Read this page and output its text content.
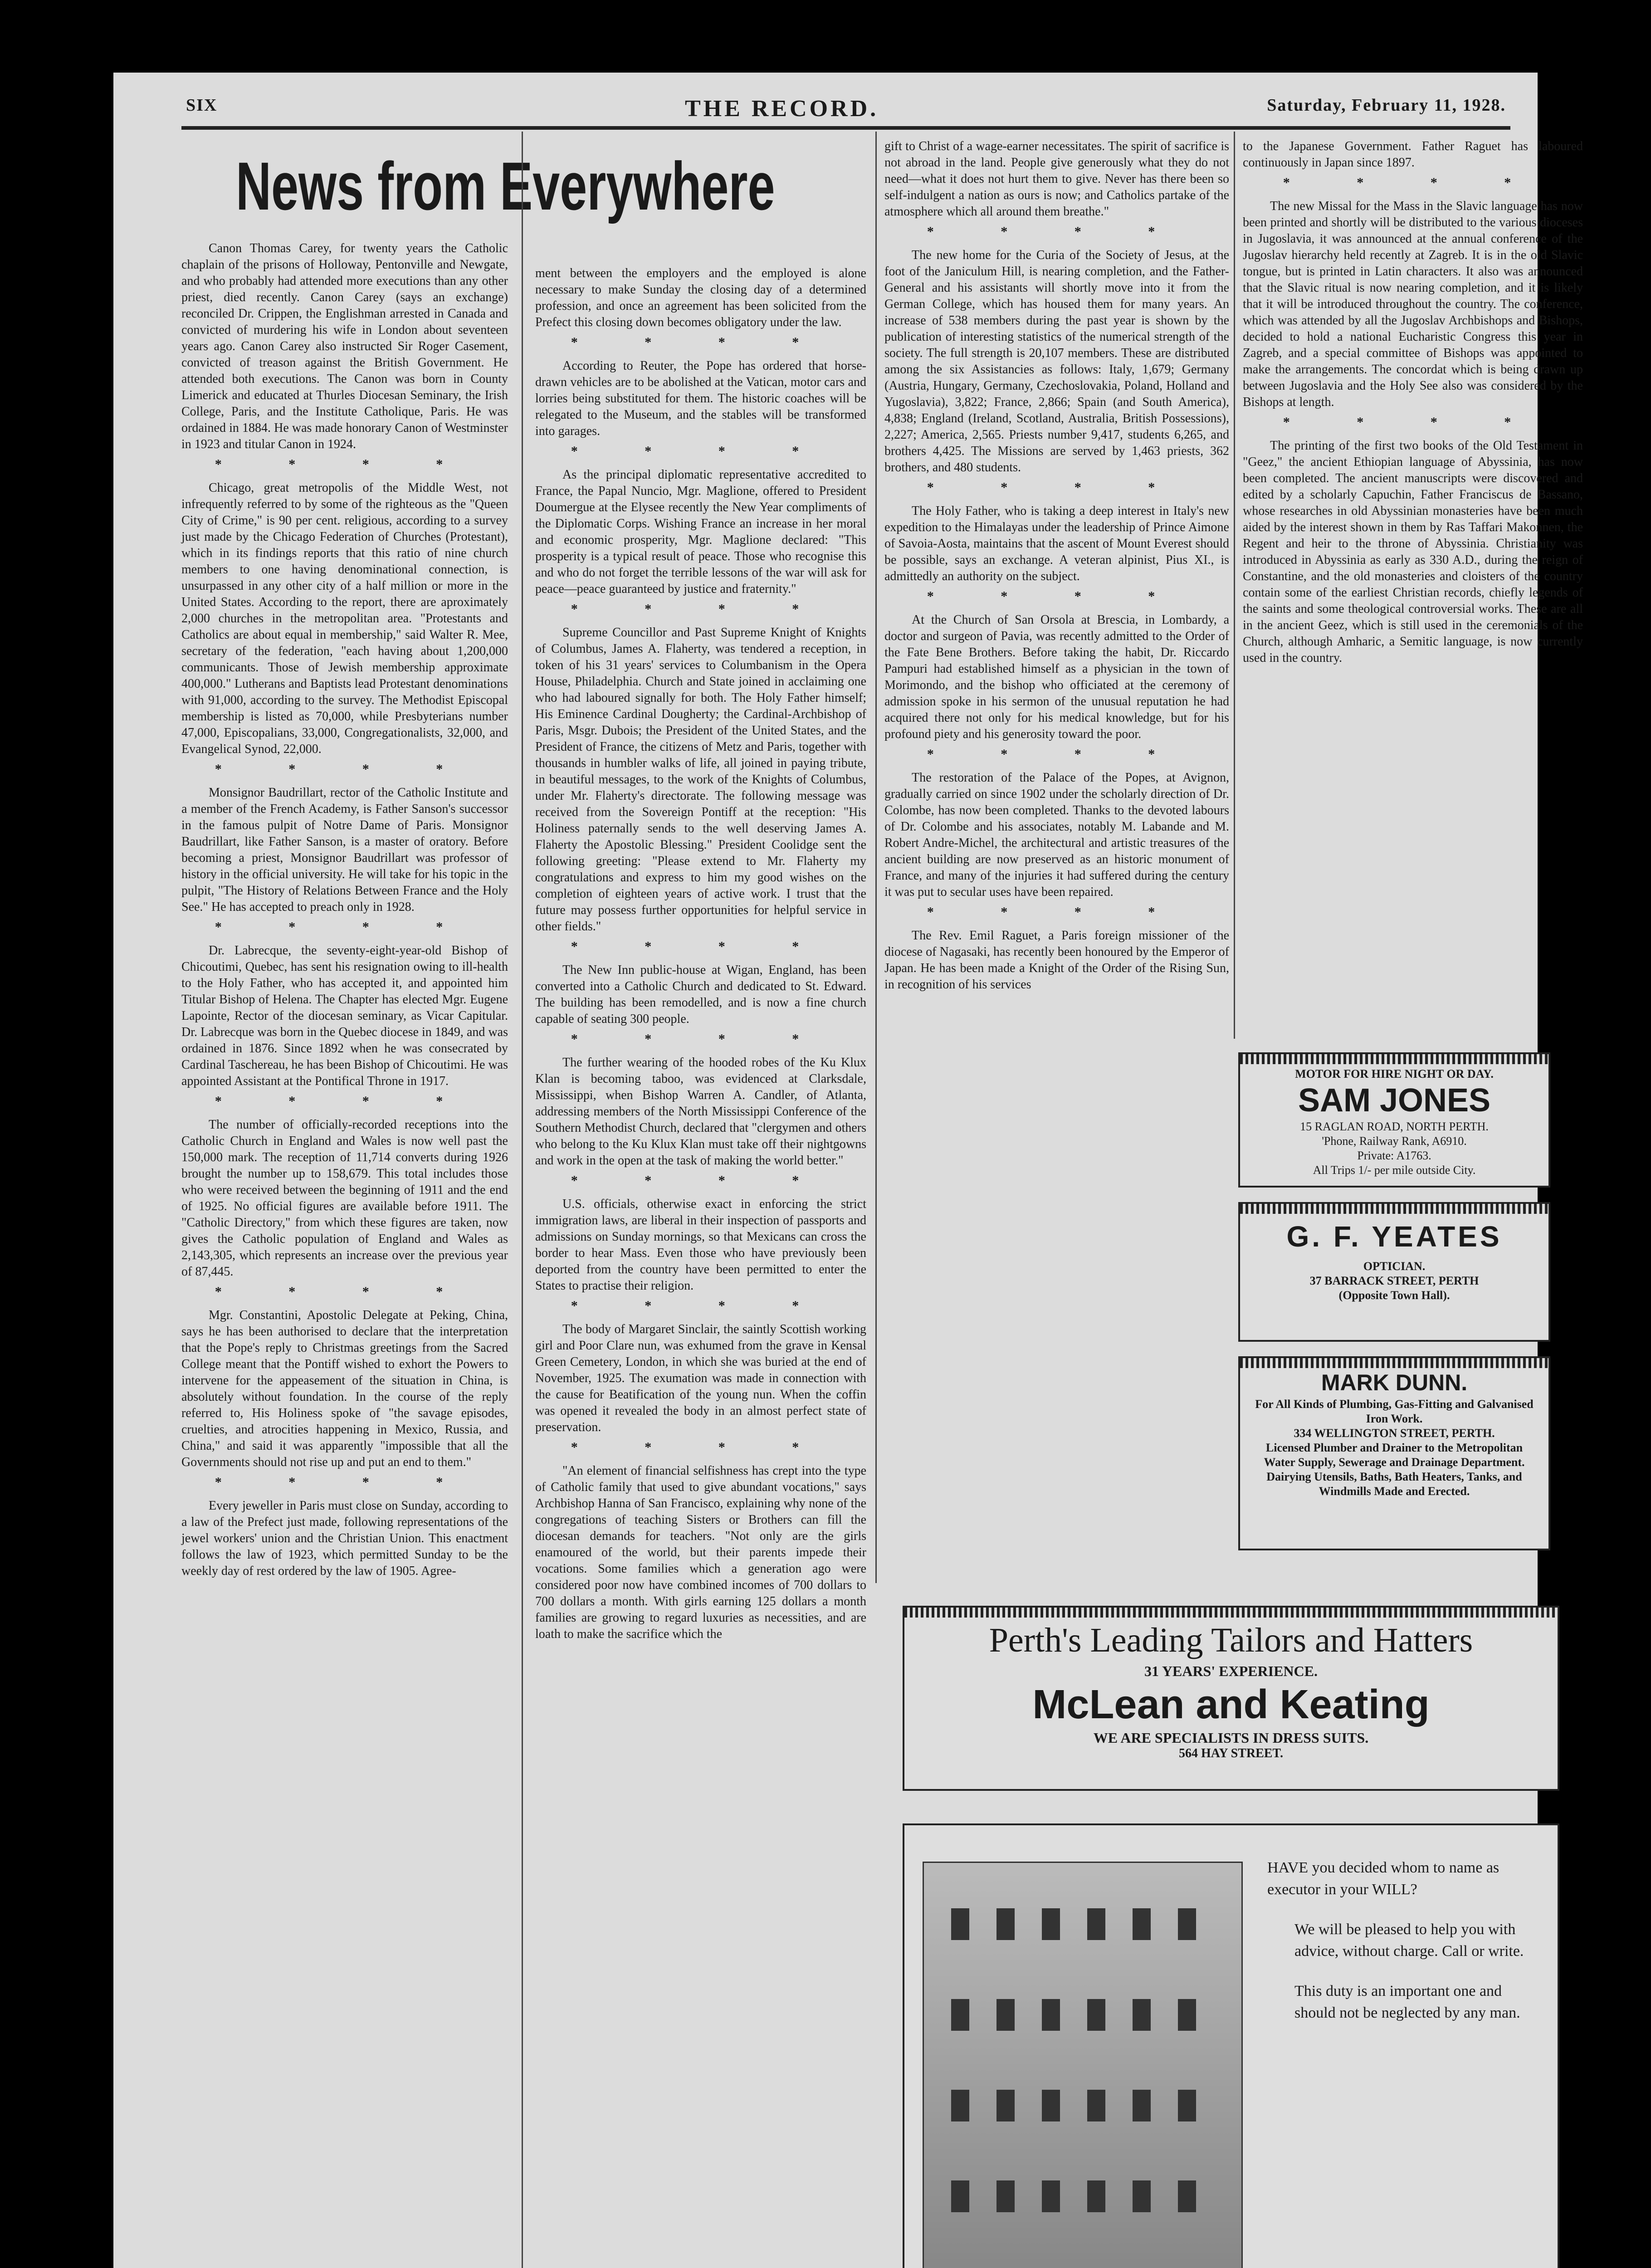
SIX	THE RECORD.	Saturday, February 11, 1928.
News from Everywhere

Canon Thomas Carey, for twenty years the Catholic chaplain of the prisons of Holloway, Pentonville and Newgate, and who probably had attended more executions than any other priest, died recently. Canon Carey (says an exchange) reconciled Dr. Crippen, the Englishman arrested in Canada and convicted of murdering his wife in London about seventeen years ago. Canon Carey also instructed Sir Roger Casement, convicted of treason against the British Government. He attended both executions. The Canon was born in County Limerick and educated at Thurles Diocesan Seminary, the Irish College, Paris, and the Institute Catholique, Paris. He was ordained in 1884. He was made honorary Canon of Westminster in 1923 and titular Canon in 1924.

* * * *

Chicago, great metropolis of the Middle West, not infrequently referred to by some of the righteous as the "Queen City of Crime," is 90 per cent. religious, according to a survey just made by the Chicago Federation of Churches (Protestant), which in its findings reports that this ratio of nine church members to one having denominational connection, is unsurpassed in any other city of a half million or more in the United States. According to the report, there are aproximately 2,000 churches in the metropolitan area. "Protestants and Catholics are about equal in membership," said Walter R. Mee, secretary of the federation, "each having about 1,200,000 communicants. Those of Jewish membership approximate 400,000." Lutherans and Baptists lead Protestant denominations with 91,000, according to the survey. The Methodist Episcopal membership is listed as 70,000, while Presbyterians number 47,000, Episcopalians, 33,000, Congregationalists, 32,000, and Evangelical Synod, 22,000.

* * * *

Monsignor Baudrillart, rector of the Catholic Institute and a member of the French Academy, is Father Sanson's successor in the famous pulpit of Notre Dame of Paris. Monsignor Baudrillart, like Father Sanson, is a master of oratory. Before becoming a priest, Monsignor Baudrillart was professor of history in the official university. He will take for his topic in the pulpit, "The History of Relations Between France and the Holy See." He has accepted to preach only in 1928.

* * * *

Dr. Labrecque, the seventy-eight-year-old Bishop of Chicoutimi, Quebec, has sent his resignation owing to ill-health to the Holy Father, who has accepted it, and appointed him Titular Bishop of Helena. The Chapter has elected Mgr. Eugene Lapointe, Rector of the diocesan seminary, as Vicar Capitular. Dr. Labrecque was born in the Quebec diocese in 1849, and was ordained in 1876. Since 1892 when he was consecrated by Cardinal Taschereau, he has been Bishop of Chicoutimi. He was appointed Assistant at the Pontifical Throne in 1917.

* * * *

The number of officially-recorded receptions into the Catholic Church in England and Wales is now well past the 150,000 mark. The reception of 11,714 converts during 1926 brought the number up to 158,679. This total includes those who were received between the beginning of 1911 and the end of 1925. No official figures are available before 1911. The "Catholic Directory," from which these figures are taken, now gives the Catholic population of England and Wales as 2,143,305, which represents an increase over the previous year of 87,445.

* * * *

Mgr. Constantini, Apostolic Delegate at Peking, China, says he has been authorised to declare that the interpretation that the Pope's reply to Christmas greetings from the Sacred College meant that the Pontiff wished to exhort the Powers to intervene for the appeasement of the situation in China, is absolutely without foundation. In the course of the reply referred to, His Holiness spoke of "the savage episodes, cruelties, and atrocities happening in Mexico, Russia, and China," and said it was apparently "impossible that all the Governments should not rise up and put an end to them."

* * * *

Every jeweller in Paris must close on Sunday, according to a law of the Prefect just made, following representations of the jewel workers' union and the Christian Union. This enactment follows the law of 1923, which permitted Sunday to be the weekly day of rest ordered by the law of 1905. Agree-

ment between the employers and the employed is alone necessary to make Sunday the closing day of a determined profession, and once an agreement has been solicited from the Prefect this closing down becomes obligatory under the law.

* * * *

According to Reuter, the Pope has ordered that horse-drawn vehicles are to be abolished at the Vatican, motor cars and lorries being substituted for them. The historic coaches will be relegated to the Museum, and the stables will be transformed into garages.

* * * *

As the principal diplomatic representative accredited to France, the Papal Nuncio, Mgr. Maglione, offered to President Doumergue at the Elysee recently the New Year compliments of the Diplomatic Corps. Wishing France an increase in her moral and economic prosperity, Mgr. Maglione declared: "This prosperity is a typical result of peace. Those who recognise this and who do not forget the terrible lessons of the war will ask for peace—peace guaranteed by justice and fraternity."

* * * *

Supreme Councillor and Past Supreme Knight of Knights of Columbus, James A. Flaherty, was tendered a reception, in token of his 31 years' services to Columbanism in the Opera House, Philadelphia. Church and State joined in acclaiming one who had laboured signally for both. The Holy Father himself; His Eminence Cardinal Dougherty; the Cardinal-Archbishop of Paris, Msgr. Dubois; the President of the United States, and the President of France, the citizens of Metz and Paris, together with thousands in humbler walks of life, all joined in paying tribute, in beautiful messages, to the work of the Knights of Columbus, under Mr. Flaherty's directorate. The following message was received from the Sovereign Pontiff at the reception: "His Holiness paternally sends to the well deserving James A. Flaherty the Apostolic Blessing." President Coolidge sent the following greeting: "Please extend to Mr. Flaherty my congratulations and express to him my good wishes on the completion of eighteen years of active work. I trust that the future may possess further opportunities for helpful service in other fields."

* * * *

The New Inn public-house at Wigan, England, has been converted into a Catholic Church and dedicated to St. Edward. The building has been remodelled, and is now a fine church capable of seating 300 people.

* * * *

The further wearing of the hooded robes of the Ku Klux Klan is becoming taboo, was evidenced at Clarksdale, Mississippi, when Bishop Warren A. Candler, of Atlanta, addressing members of the North Mississippi Conference of the Southern Methodist Church, declared that "clergymen and others who belong to the Ku Klux Klan must take off their nightgowns and work in the open at the task of making the world better."

* * * *

U.S. officials, otherwise exact in enforcing the strict immigration laws, are liberal in their inspection of passports and admissions on Sunday mornings, so that Mexicans can cross the border to hear Mass. Even those who have previously been deported from the country have been permitted to enter the States to practise their religion.

* * * *

The body of Margaret Sinclair, the saintly Scottish working girl and Poor Clare nun, was exhumed from the grave in Kensal Green Cemetery, London, in which she was buried at the end of November, 1925. The exumation was made in connection with the cause for Beatification of the young nun. When the coffin was opened it revealed the body in an almost perfect state of preservation.

* * * *

"An element of financial selfishness has crept into the type of Catholic family that used to give abundant vocations," says Archbishop Hanna of San Francisco, explaining why none of the congregations of teaching Sisters or Brothers can fill the diocesan demands for teachers. "Not only are the girls enamoured of the world, but their parents impede their vocations. Some families which a generation ago were considered poor now have combined incomes of 700 dollars to 700 dollars a month. With girls earning 125 dollars a month families are growing to regard luxuries as necessities, and are loath to make the sacrifice which the

gift to Christ of a wage-earner necessitates. The spirit of sacrifice is not abroad in the land. People give generously what they do not need—what it does not hurt them to give. Never has there been so self-indulgent a nation as ours is now; and Catholics partake of the atmosphere which all around them breathe."

* * * *

The new home for the Curia of the Society of Jesus, at the foot of the Janiculum Hill, is nearing completion, and the Father-General and his assistants will shortly move into it from the German College, which has housed them for many years. An increase of 538 members during the past year is shown by the publication of interesting statistics of the numerical strength of the society. The full strength is 20,107 members. These are distributed among the six Assistancies as follows: Italy, 1,679; Germany (Austria, Hungary, Germany, Czechoslovakia, Poland, Holland and Yugoslavia), 3,822; France, 2,866; Spain (and South America), 4,838; England (Ireland, Scotland, Australia, British Possessions), 2,227; America, 2,565. Priests number 9,417, students 6,265, and brothers 4,425. The Missions are served by 1,463 priests, 362 brothers, and 480 students.

* * * *

The Holy Father, who is taking a deep interest in Italy's new expedition to the Himalayas under the leadership of Prince Aimone of Savoia-Aosta, maintains that the ascent of Mount Everest should be possible, says an exchange. A veteran alpinist, Pius XI., is admittedly an authority on the subject.

* * * *

At the Church of San Orsola at Brescia, in Lombardy, a doctor and surgeon of Pavia, was recently admitted to the Order of the Fate Bene Brothers. Before taking the habit, Dr. Riccardo Pampuri had established himself as a physician in the town of Morimondo, and the bishop who officiated at the ceremony of admission spoke in his sermon of the unusual reputation he had acquired there not only for his medical knowledge, but for his profound piety and his generosity toward the poor.

* * * *

The restoration of the Palace of the Popes, at Avignon, gradually carried on since 1902 under the scholarly direction of Dr. Colombe, has now been completed. Thanks to the devoted labours of Dr. Colombe and his associates, notably M. Labande and M. Robert Andre-Michel, the architectural and artistic treasures of the ancient building are now preserved as an historic monument of France, and many of the injuries it had suffered during the century it was put to secular uses have been repaired.

* * * *

The Rev. Emil Raguet, a Paris foreign missioner of the diocese of Nagasaki, has recently been honoured by the Emperor of Japan. He has been made a Knight of the Order of the Rising Sun, in recognition of his services

to the Japanese Government. Father Raguet has laboured continuously in Japan since 1897.

* * * *

The new Missal for the Mass in the Slavic language has now been printed and shortly will be distributed to the various dioceses in Jugoslavia, it was announced at the annual conference of the Jugoslav hierarchy held recently at Zagreb. It is in the old Slavic tongue, but is printed in Latin characters. It also was announced that the Slavic ritual is now nearing completion, and it is likely that it will be introduced throughout the country. The conference, which was attended by all the Jugoslav Archbishops and Bishops, decided to hold a national Eucharistic Congress this year in Zagreb, and a special committee of Bishops was appointed to make the arrangements. The concordat which is being drawn up between Jugoslavia and the Holy See also was considered by the Bishops at length.

* * * *

The printing of the first two books of the Old Testament in "Geez," the ancient Ethiopian language of Abyssinia, has now been completed. The ancient manuscripts were discovered and edited by a scholarly Capuchin, Father Franciscus de Bassano, whose researches in old Abyssinian monasteries have been much aided by the interest shown in them by Ras Taffari Makonnen, the Regent and heir to the throne of Abyssinia. Christianity was introduced in Abyssinia as early as 330 A.D., during the reign of Constantine, and the old monasteries and cloisters of the country contain some of the earliest Christian records, chiefly legends of the saints and some theological controversial works. These are all in the ancient Geez, which is still used in the ceremonials of the Church, although Amharic, a Semitic language, is now currently used in the country.

MOTOR FOR HIRE NIGHT OR DAY.
SAM JONES
15 RAGLAN ROAD, NORTH PERTH.
'Phone, Railway Rank, A6910.
Private: A1763.
All Trips 1/- per mile outside City.
G. F. YEATES
OPTICIAN.
37 BARRACK STREET, PERTH
(Opposite Town Hall).
MARK DUNN.
For All Kinds of Plumbing, Gas-Fitting and Galvanised Iron Work.
334 WELLINGTON STREET, PERTH.
Licensed Plumber and Drainer to the Metropolitan Water Supply, Sewerage and Drainage Department.
Dairying Utensils, Baths, Bath Heaters, Tanks, and Windmills Made and Erected.
Perth's Leading Tailors and Hatters
31 YEARS' EXPERIENCE.
McLean and Keating
WE ARE SPECIALISTS IN DRESS SUITS.
564 HAY STREET.

HAVE you decided whom to name as executor in your WILL?

We will be pleased to help you with advice, without charge. Call or write.

This duty is an important one and should not be neglected by any man.
